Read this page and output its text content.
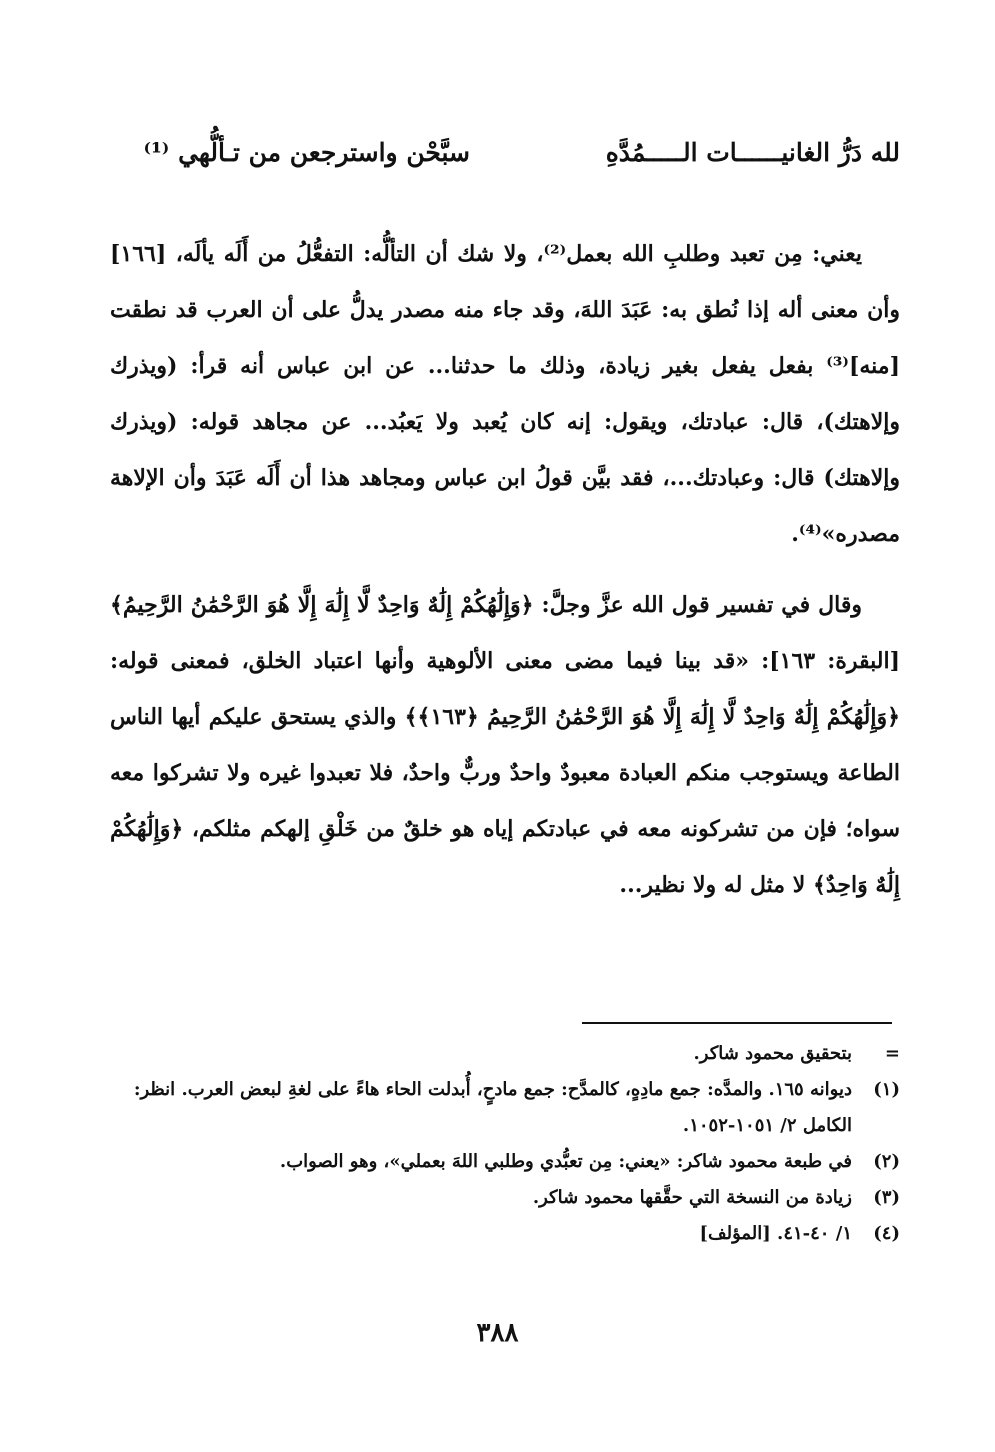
لله دَرُّ الغانيــــــات الـــــمُدَّهِ
سبَّحْن واسترجعن من تـألُّهي ⁽¹⁾
يعني: مِن تعبد وطلبِ الله بعمل⁽²⁾، ولا شك أن التألُّه: التفعُّلُ من أَلَه يألَه، [١٦٦] وأن معنى أله إذا نُطق به: عَبَدَ اللهَ، وقد جاء منه مصدر يدلُّ على أن العرب قد نطقت [منه]⁽³⁾ بفعل يفعل بغير زيادة، وذلك ما حدثنا... عن ابن عباس أنه قرأ: (ويذرك وإلاهتك)، قال: عبادتك، ويقول: إنه كان يُعبد ولا يَعبُد... عن مجاهد قوله: (ويذرك وإلاهتك) قال: وعبادتك...، فقد بيَّن قولُ ابن عباس ومجاهد هذا أن أَلَه عَبَدَ وأن الإلاهة مصدره»⁽⁴⁾.
وقال في تفسير قول الله عزَّ وجلَّ: ﴿وَإِلَٰهُكُمْ إِلَٰهٌ وَاحِدٌ لَّا إِلَٰهَ إِلَّا هُوَ الرَّحْمَٰنُ الرَّحِيمُ﴾ [البقرة: ١٦٣]: «قد بينا فيما مضى معنى الألوهية وأنها اعتباد الخلق، فمعنى قوله: ﴿وَإِلَٰهُكُمْ إِلَٰهٌ وَاحِدٌ لَّا إِلَٰهَ إِلَّا هُوَ الرَّحْمَٰنُ الرَّحِيمُ ﴿١٦٣﴾﴾ والذي يستحق عليكم أيها الناس الطاعة ويستوجب منكم العبادة معبودٌ واحدٌ وربٌّ واحدٌ، فلا تعبدوا غيره ولا تشركوا معه سواه؛ فإن من تشركونه معه في عبادتكم إياه هو خلقٌ من خَلْقِ إلهكم مثلكم، ﴿وَإِلَٰهُكُمْ إِلَٰهٌ وَاحِدٌ﴾ لا مثل له ولا نظير...
=
بتحقيق محمود شاكر.
(١)
ديوانه ١٦٥. والمدَّه: جمع مادِهٍ، كالمدَّح: جمع مادحٍ، أُبدلت الحاء هاءً على لغةِ لبعض العرب. انظر: الكامل ٢/ ١٠٥١-١٠٥٢.
(٢)
في طبعة محمود شاكر: «يعني: مِن تعبُّدي وطلبي اللهَ بعملي»، وهو الصواب.
(٣)
زيادة من النسخة التي حقَّقها محمود شاكر.
(٤)
١/ ٤٠-٤١. [المؤلف]
٣٨٨
